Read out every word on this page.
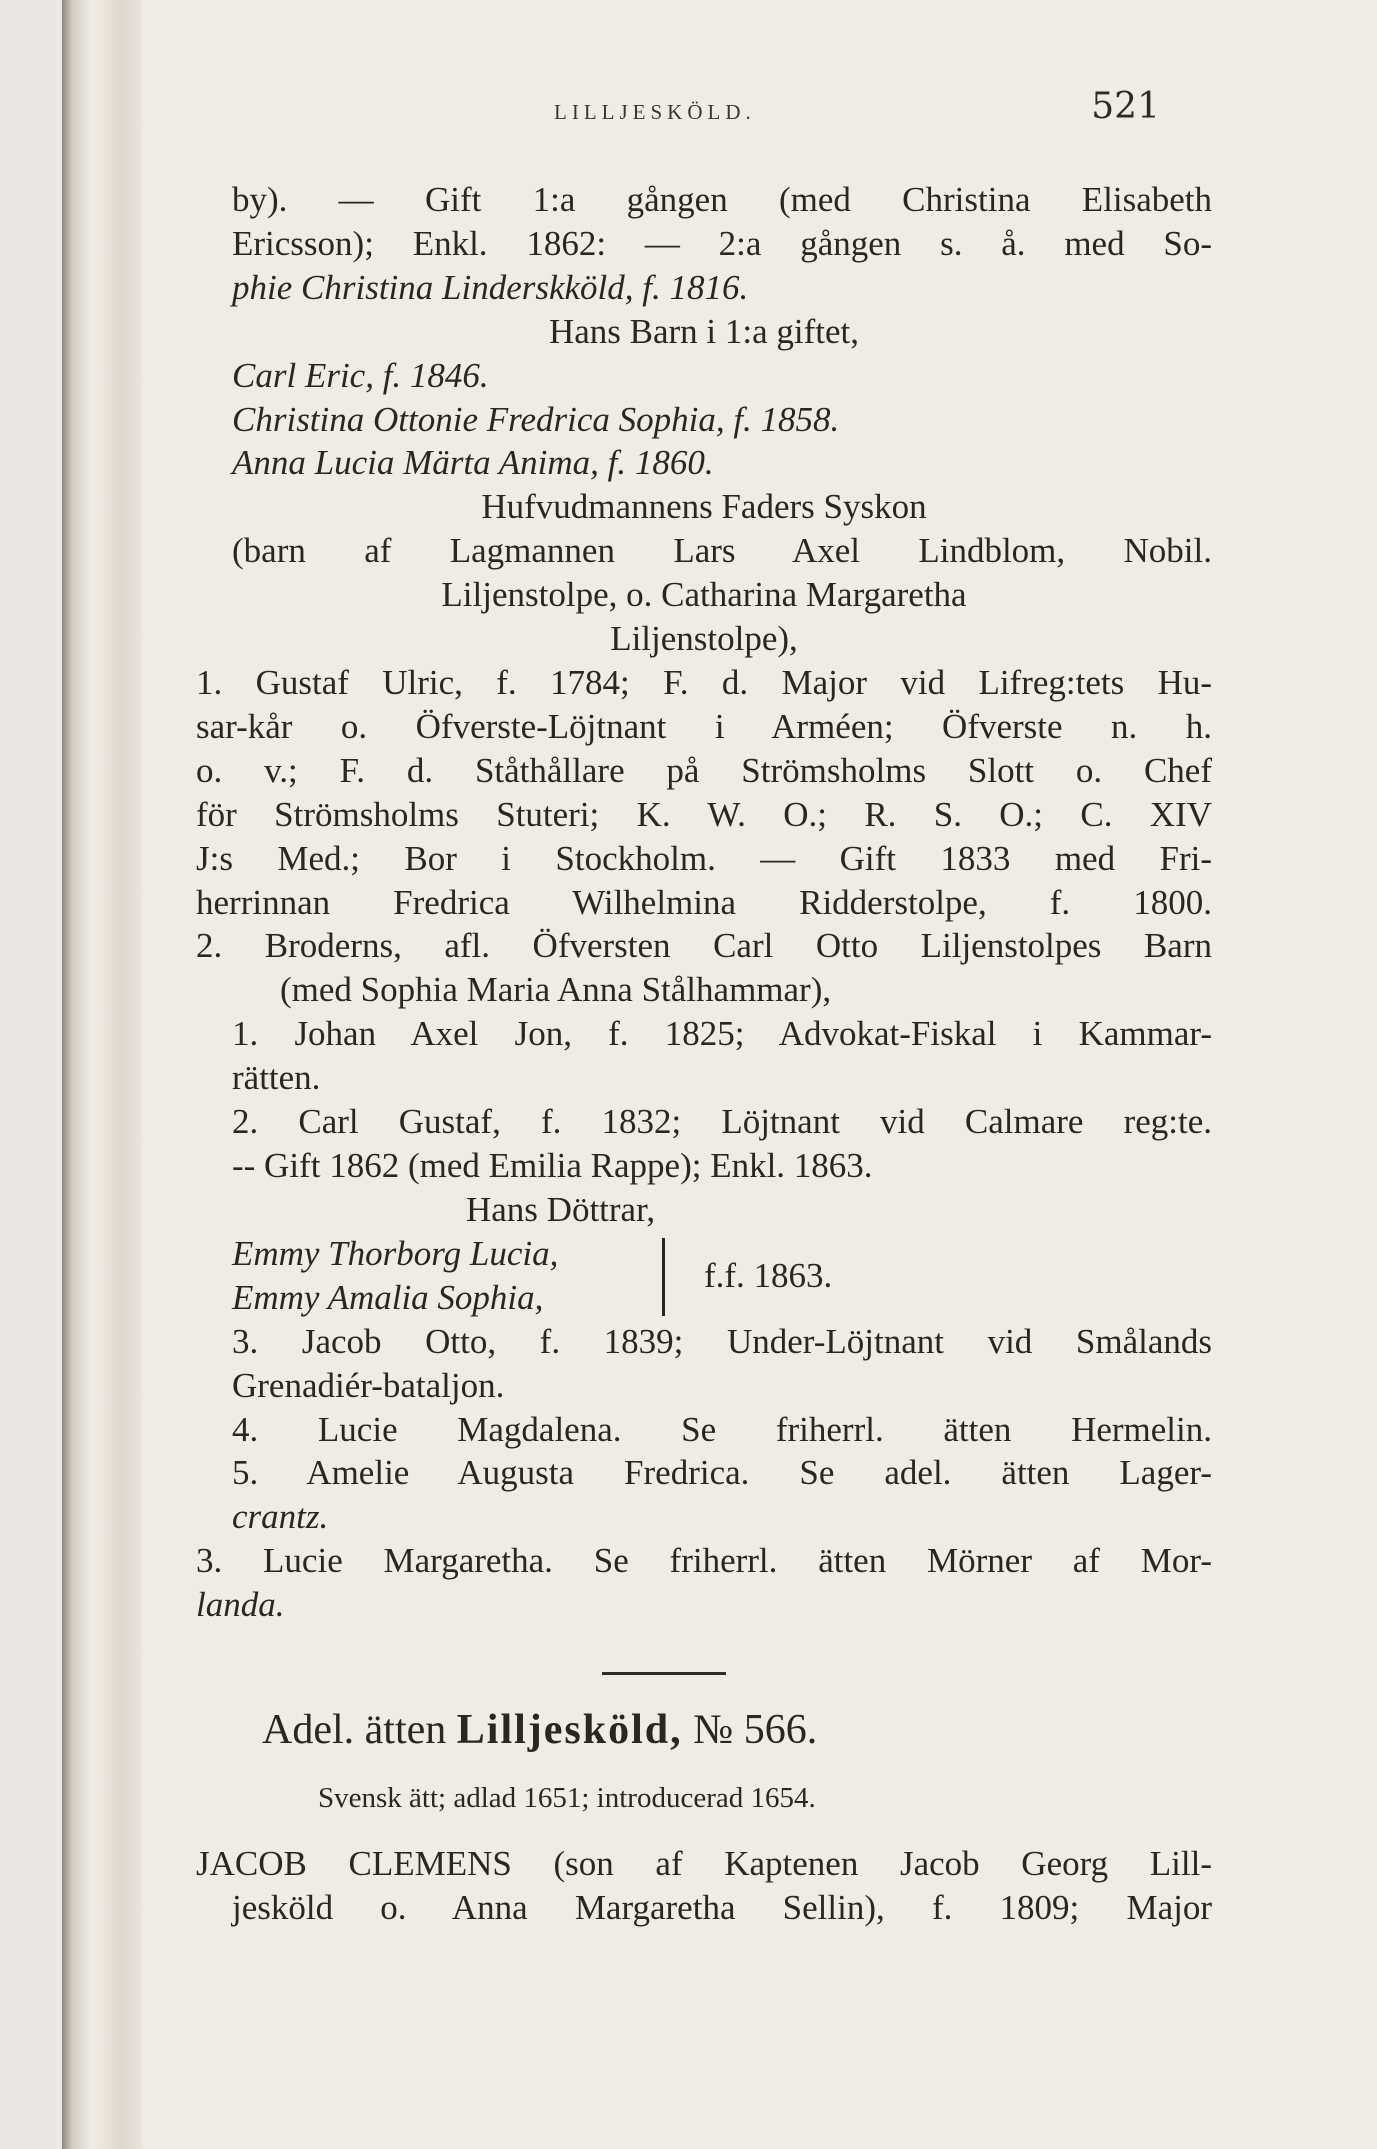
LILLJESKÖLD.	521
by). — Gift 1:a gången (med Christina Elisabeth
Ericsson); Enkl. 1862: — 2:a gången s. å. med So-
phie Christina Linderskköld, f. 1816.
Hans Barn i 1:a giftet,
Carl Eric, f. 1846.
Christina Ottonie Fredrica Sophia, f. 1858.
Anna Lucia Märta Anima, f. 1860.
Hufvudmannens Faders Syskon
(barn af Lagmannen Lars Axel Lindblom, Nobil.
Liljenstolpe, o. Catharina Margaretha
Liljenstolpe),
1. Gustaf Ulric, f. 1784; F. d. Major vid Lifreg:tets Hu-
sar-kår o. Öfverste-Löjtnant i Arméen; Öfverste n. h.
o. v.; F. d. Ståthållare på Strömsholms Slott o. Chef
för Strömsholms Stuteri; K. W. O.; R. S. O.; C. XIV
J:s Med.; Bor i Stockholm. — Gift 1833 med Fri-
herrinnan Fredrica Wilhelmina Ridderstolpe, f. 1800.
2. Broderns, afl. Öfversten Carl Otto Liljenstolpes Barn
(med Sophia Maria Anna Stålhammar),
1. Johan Axel Jon, f. 1825; Advokat-Fiskal i Kammar-
rätten.
2. Carl Gustaf, f. 1832; Löjtnant vid Calmare reg:te.
-- Gift 1862 (med Emilia Rappe); Enkl. 1863.
Hans Döttrar,
Emmy Thorborg Lucia,
Emmy Amalia Sophia,
f.f. 1863.
3. Jacob Otto, f. 1839; Under-Löjtnant vid Smålands
Grenadiér-bataljon.
4. Lucie Magdalena. Se friherrl. ätten Hermelin.
5. Amelie Augusta Fredrica. Se adel. ätten Lager-
crantz.
3. Lucie Margaretha. Se friherrl. ätten Mörner af Mor-
landa.
Adel. ätten Lilljesköld, № 566.
Svensk ätt; adlad 1651; introducerad 1654.
JACOB CLEMENS (son af Kaptenen Jacob Georg Lill-
jesköld o. Anna Margaretha Sellin), f. 1809; Major
